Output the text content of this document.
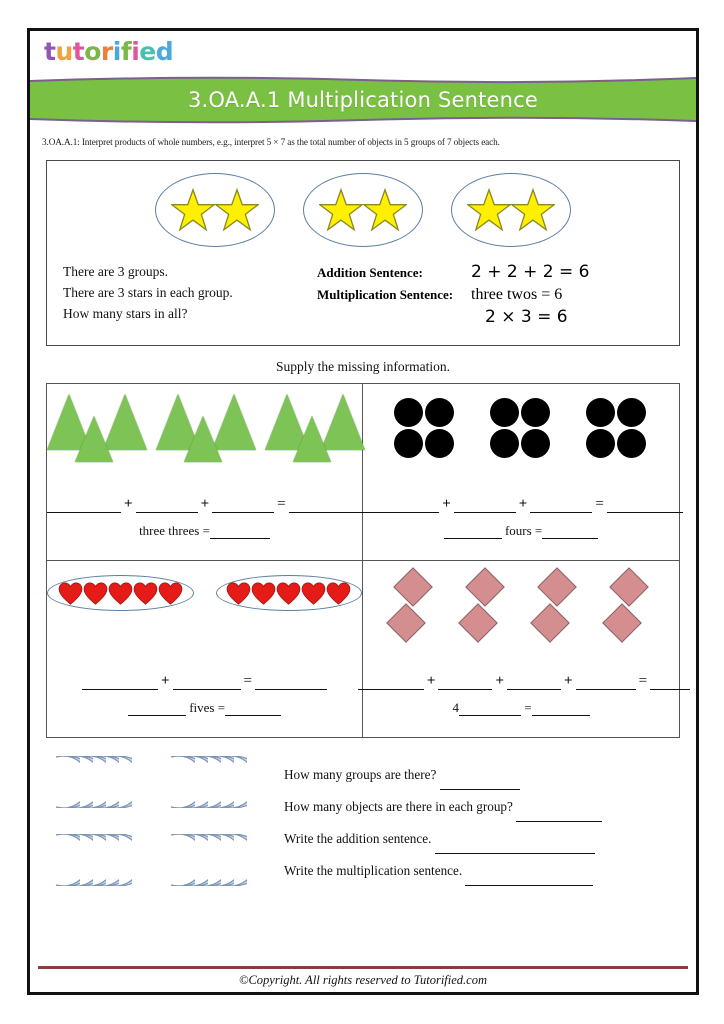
tutorified
3.OA.A.1 Multiplication Sentence
3.OA.A.1: Interpret products of whole numbers, e.g., interpret 5 × 7 as the total number of objects in 5 groups of 7 objects each.
There are 3 groups.
There are 3 stars in each group.
How many stars in all?
Addition Sentence:	2 + 2 + 2 = 6
Multiplication Sentence: three twos = 6
2 × 3 = 6
Supply the missing information.
+	+	=
three threes =
+	+	=
fours =
+	=
fives =
+	+	+	=
4	=
How many groups are there?
How many objects are there in each group?
Write the addition sentence.
Write the multiplication sentence.
©Copyright. All rights reserved to Tutorified.com
